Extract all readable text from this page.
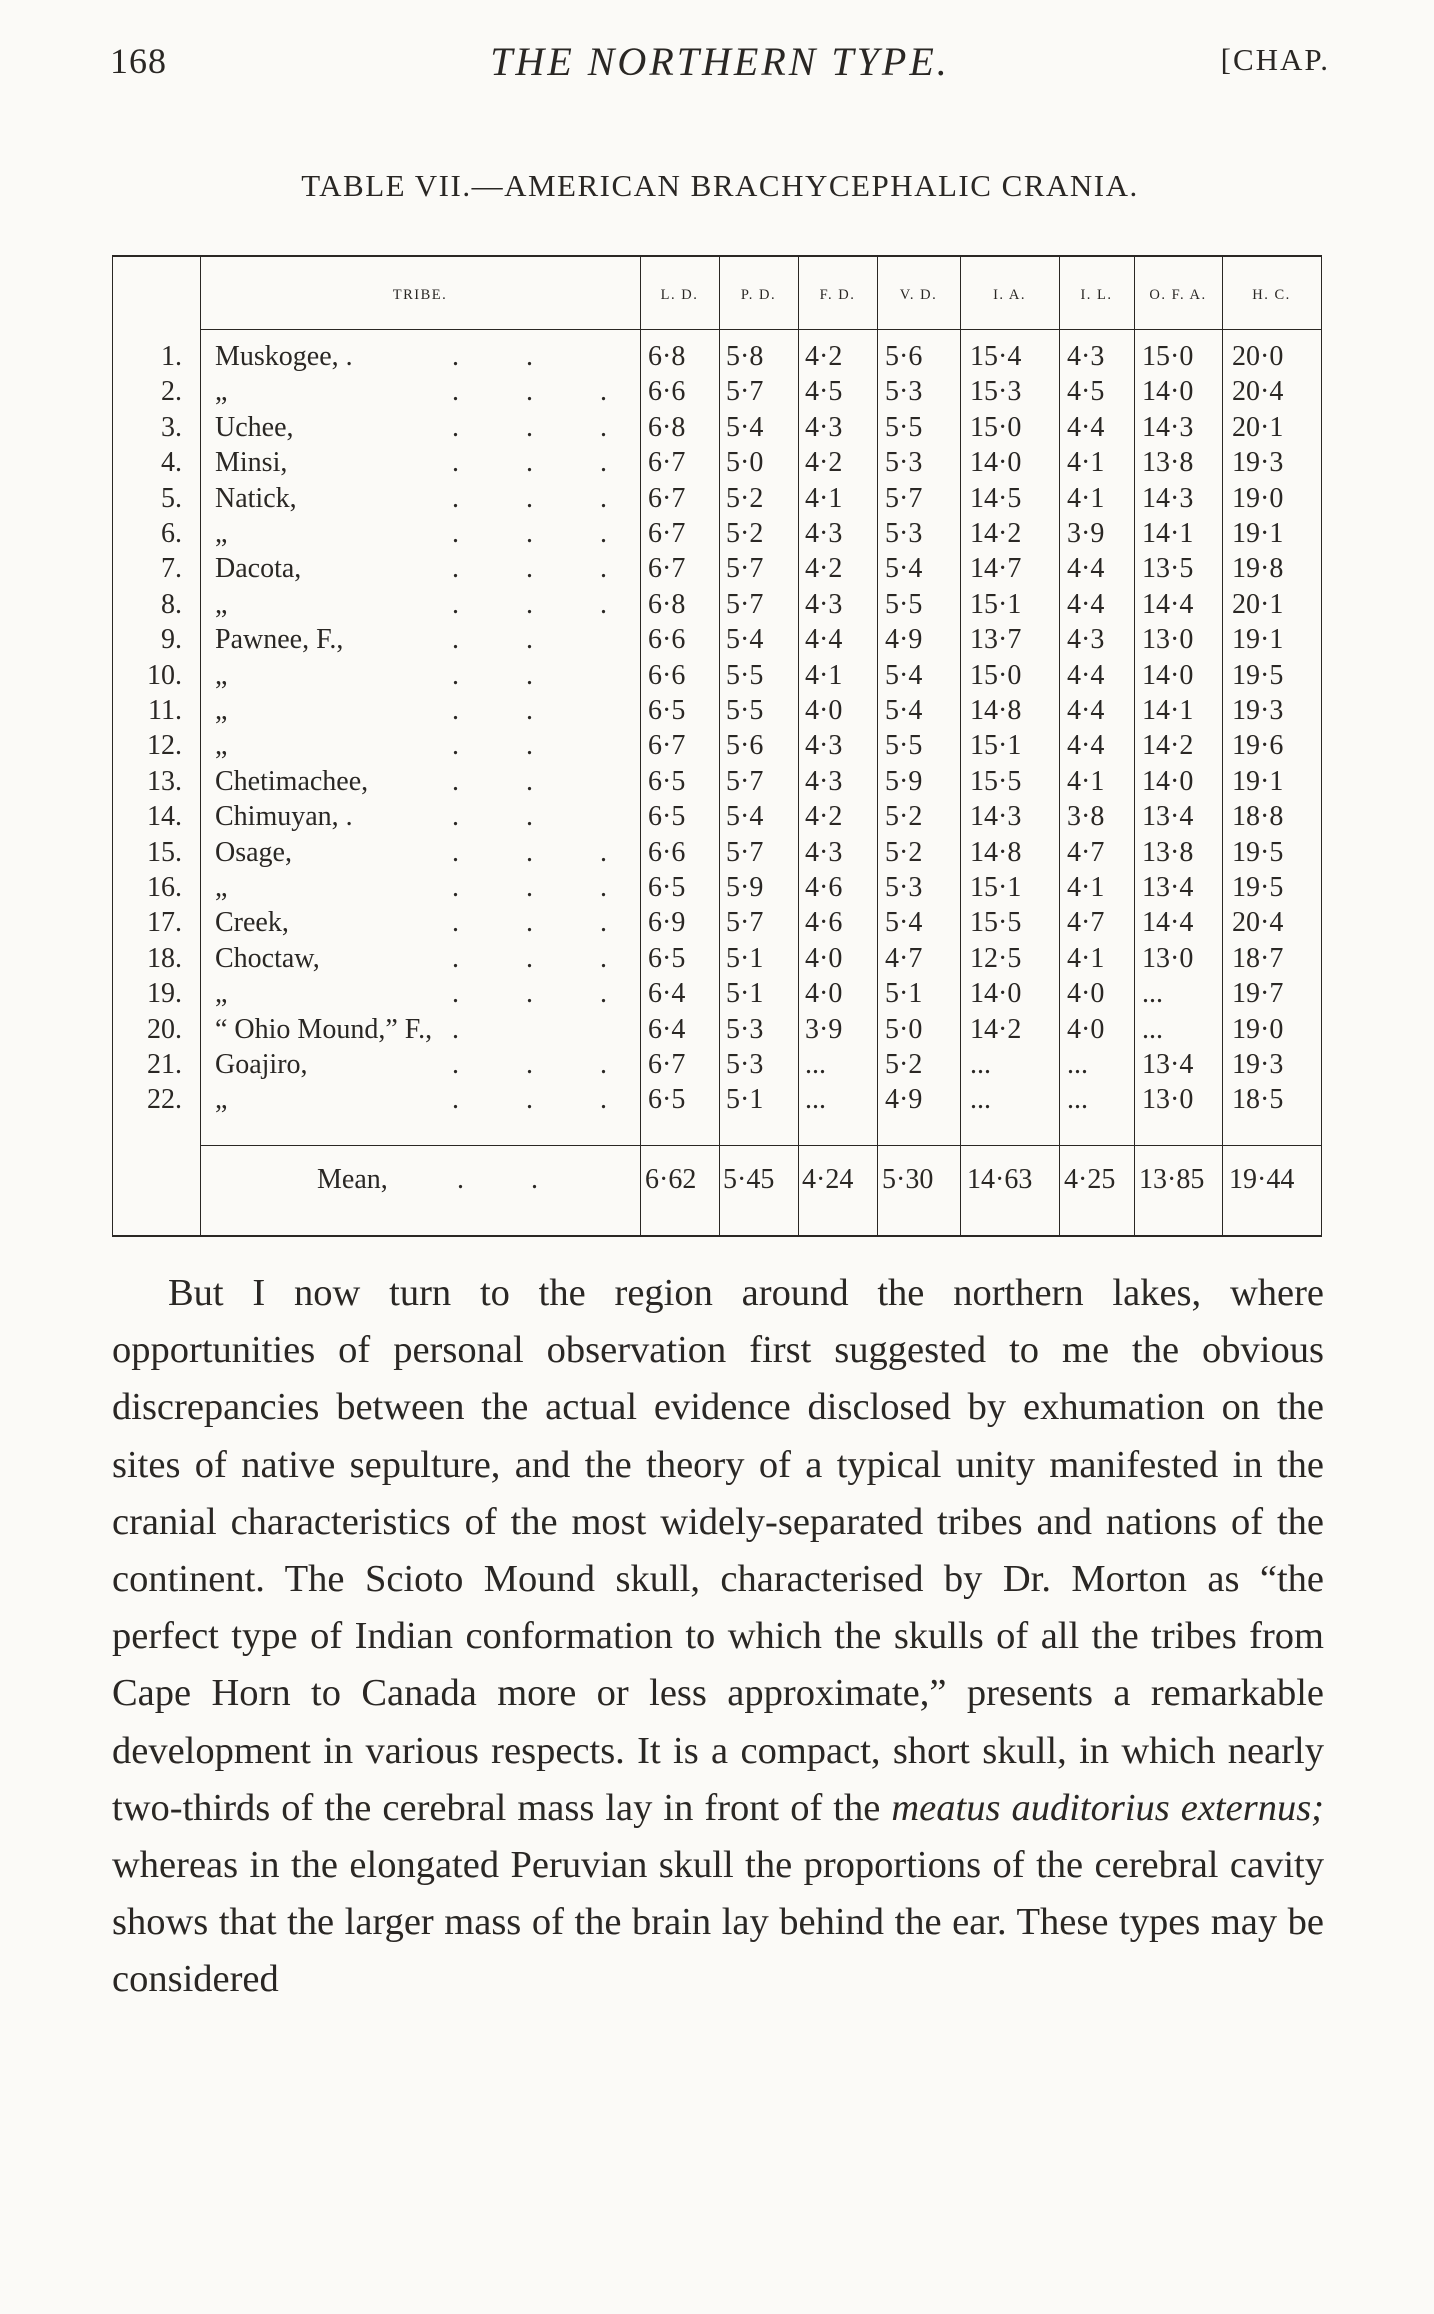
168	THE NORTHERN TYPE.	[CHAP.
TABLE VII.—AMERICAN BRACHYCEPHALIC CRANIA.
TRIBE.	L. D.	P. D.	F. D.	V. D.	I. A.	I. L.	O. F. A.	H. C.
1. Muskogee, .	. .	6·8 5·8 4·2 5·6 15·4 4·3 15·0 20·0
2. „	. . . 6·6 5·7 4·5 5·3 15·3 4·5 14·0 20·4
3. Uchee,	. . . 6·8 5·4 4·3 5·5 15·0 4·4 14·3 20·1
4. Minsi,	. . . 6·7 5·0 4·2 5·3 14·0 4·1 13·8 19·3
5. Natick,	. . . 6·7 5·2 4·1 5·7 14·5 4·1 14·3 19·0
6. „	. . . 6·7 5·2 4·3 5·3 14·2 3·9 14·1 19·1
7. Dacota,	. . . 6·7 5·7 4·2 5·4 14·7 4·4 13·5 19·8
8. „	. . . 6·8 5·7 4·3 5·5 15·1 4·4 14·4 20·1
9. Pawnee, F.,	. .	6·6 5·4 4·4 4·9 13·7 4·3 13·0 19·1
10. „	. .	6·6 5·5 4·1 5·4 15·0 4·4 14·0 19·5
11. „	. .	6·5 5·5 4·0 5·4 14·8 4·4 14·1 19·3
12. „	. .	6·7 5·6 4·3 5·5 15·1 4·4 14·2 19·6
13. Chetimachee,	. .	6·5 5·7 4·3 5·9 15·5 4·1 14·0 19·1
14. Chimuyan, .	. .	6·5 5·4 4·2 5·2 14·3 3·8 13·4 18·8
15. Osage,	. . . 6·6 5·7 4·3 5·2 14·8 4·7 13·8 19·5
16. „	. . . 6·5 5·9 4·6 5·3 15·1 4·1 13·4 19·5
17. Creek,	. . . 6·9 5·7 4·6 5·4 15·5 4·7 14·4 20·4
18. Choctaw,	. . . 6·5 5·1 4·0 4·7 12·5 4·1 13·0 18·7
19. „	. . . 6·4 5·1 4·0 5·1 14·0 4·0 ... 19·7
20. “ Ohio Mound,” F., .	6·4 5·3 3·9 5·0 14·2 4·0 ... 19·0
21. Goajiro,	. . . 6·7 5·3 ... 5·2 ...	... 13·4 19·3
22. „	. . . 6·5 5·1 ... 4·9 ...	... 13·0 18·5
Mean, . .	6·62 5·45 4·24 5·30 14·63 4·25 13·85 19·44

But I now turn to the region around the northern lakes, where opportunities of personal observation first suggested to me the obvious discrepancies between the actual evidence disclosed by exhumation on the sites of native sepulture, and the theory of a typical unity manifested in the cranial characteristics of the most widely-separated tribes and nations of the continent. The Scioto Mound skull, characterised by Dr. Morton as “the perfect type of Indian conformation to which the skulls of all the tribes from Cape Horn to Canada more or less approximate,” presents a remarkable development in various respects. It is a compact, short skull, in which nearly two-thirds of the cerebral mass lay in front of the meatus auditorius externus; whereas in the elongated Peruvian skull the proportions of the cerebral cavity shows that the larger mass of the brain lay behind the ear. These types may be considered
